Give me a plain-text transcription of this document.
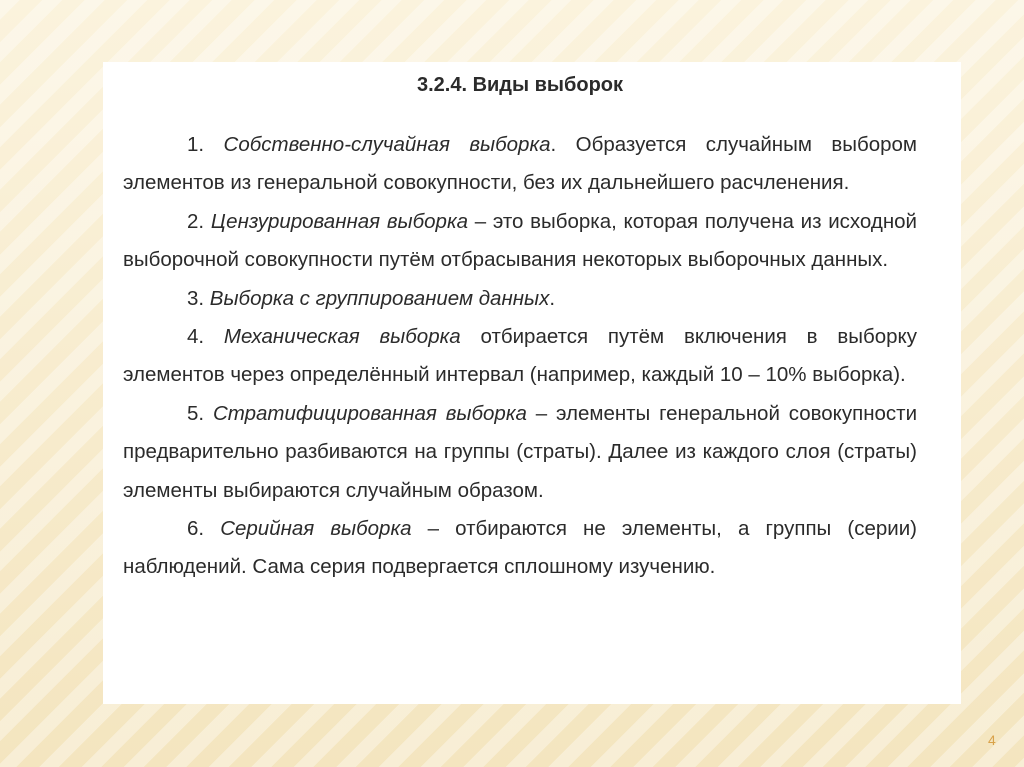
3.2.4. Виды выборок

1. Собственно-случайная выборка. Образуется случайным выбором элементов из генеральной совокупности, без их дальнейшего расчленения.

2. Цензурированная выборка – это выборка, которая получена из исходной выборочной совокупности путём отбрасывания некоторых выборочных данных.

3. Выборка с группированием данных.

4. Механическая выборка отбирается путём включения в выборку элементов через определённый интервал (например, каждый 10 – 10% выборка).

5. Стратифицированная выборка – элементы генеральной совокупности предварительно разбиваются на группы (страты). Далее из каждого слоя (страты) элементы выбираются случайным образом.

6. Серийная выборка – отбираются не элементы, а группы (серии) наблюдений. Сама серия подвергается сплошному изучению.

4
